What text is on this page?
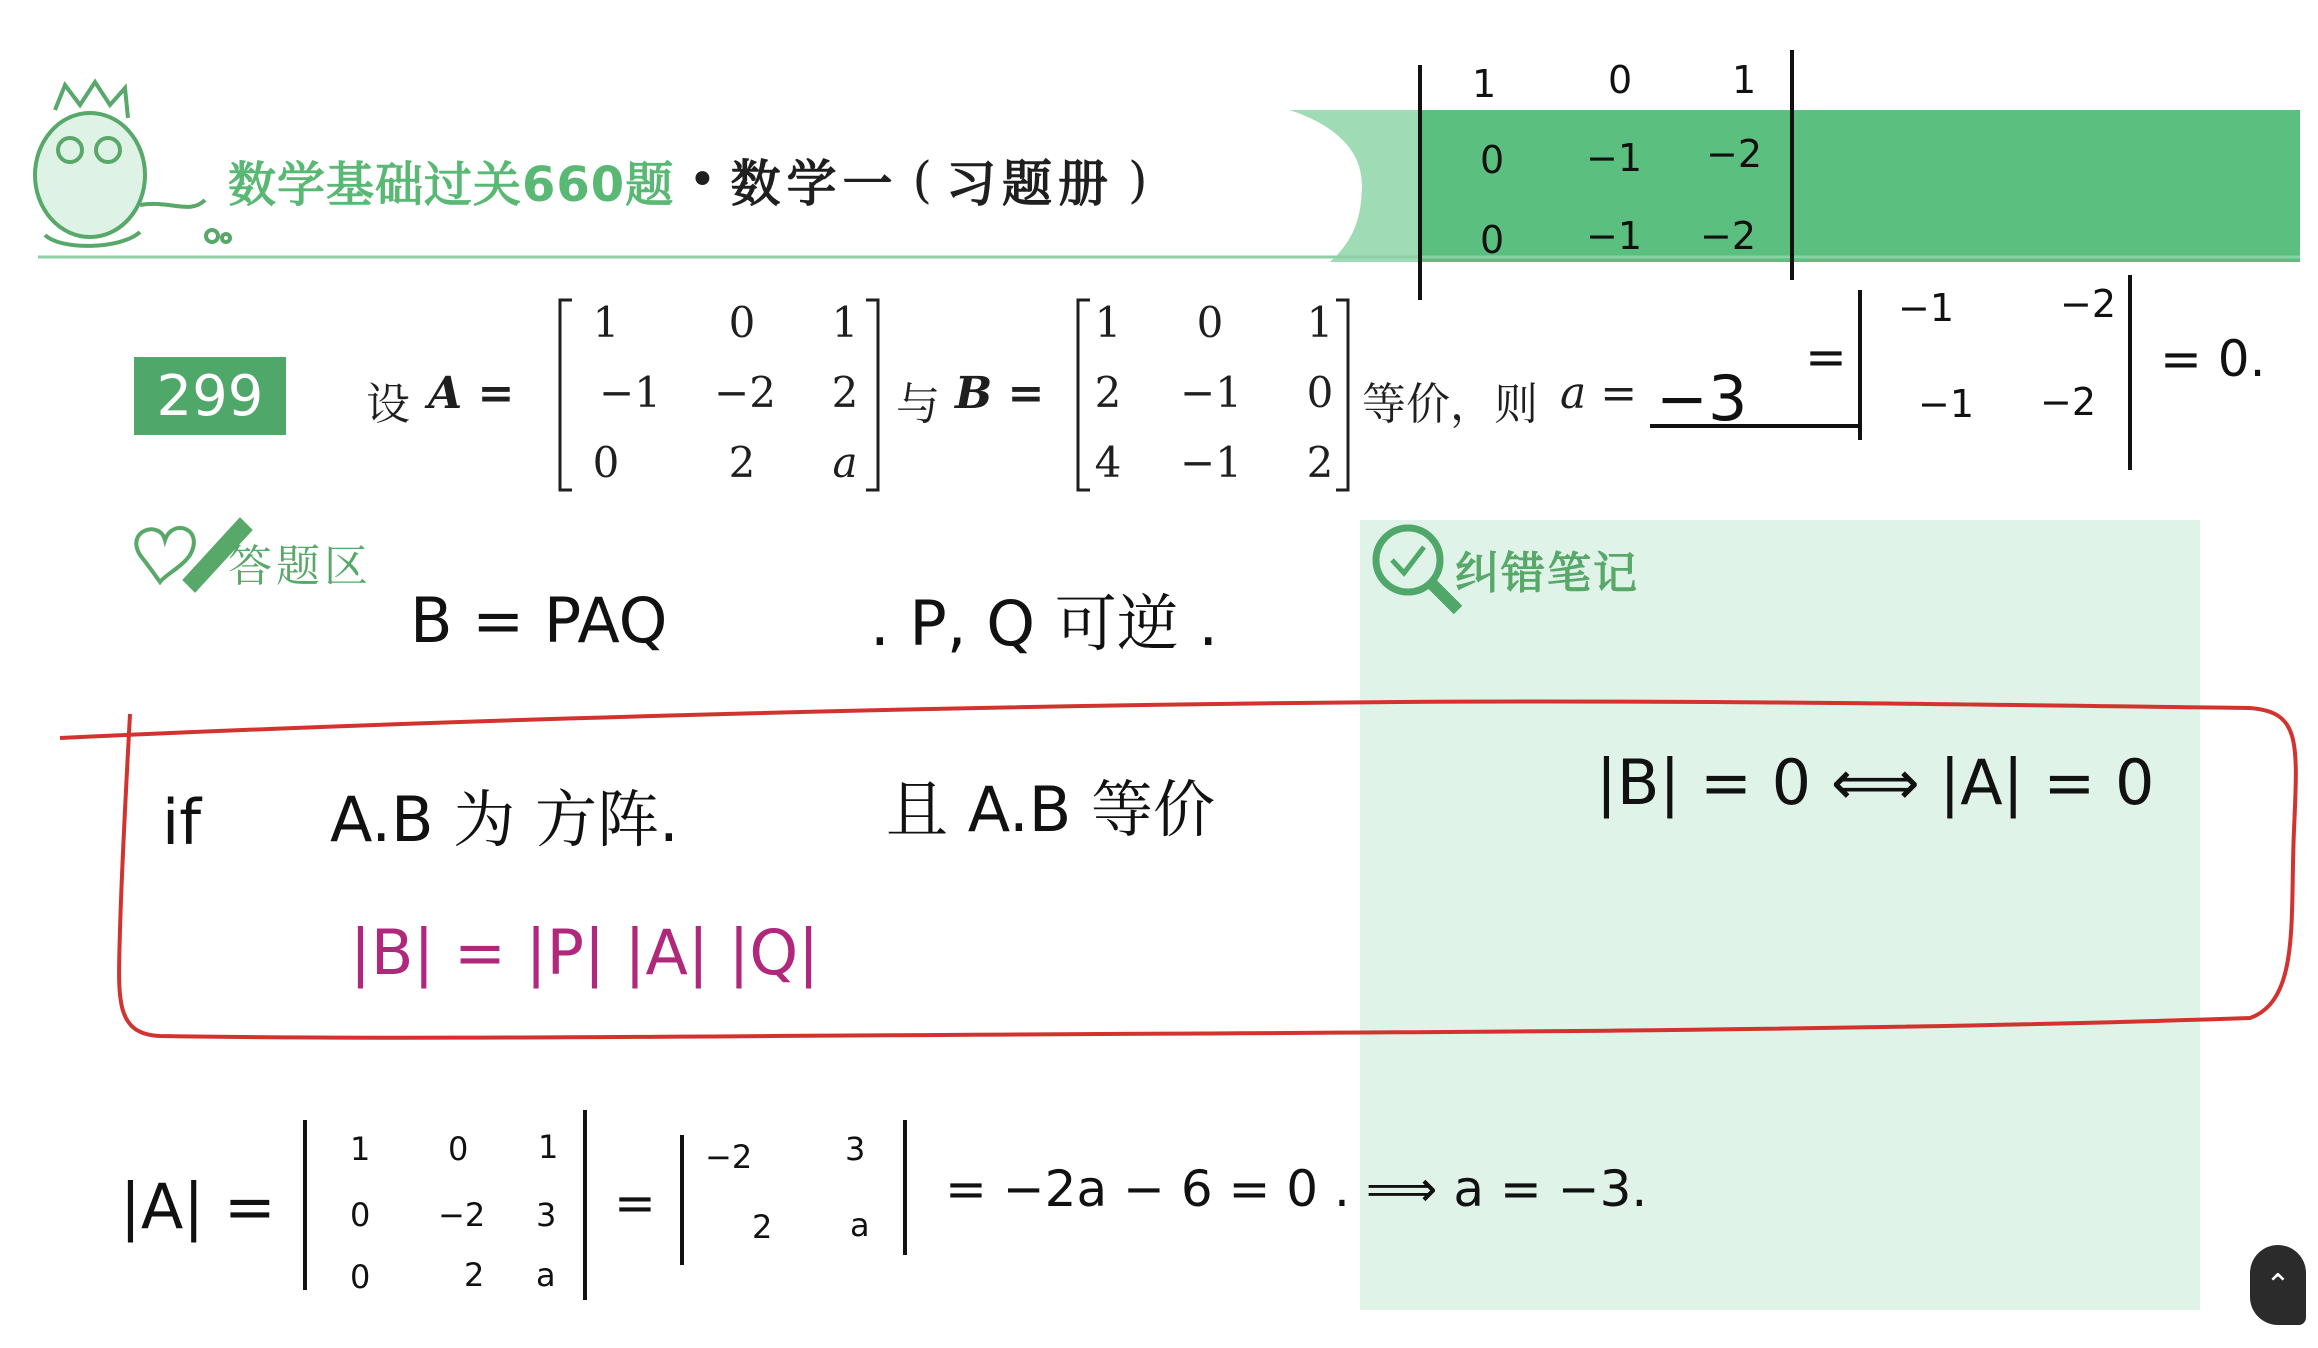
数学基础过关660题 • 数学一 ( 习题册 )
299	设 A =	与 B =	等价，则 a =
1	0	1
−1	−2	2
0	2	a
1	0	1
2	−1	0
4	−1	2
答题区	纠错笔记
=
−3
1	0	1
0 −1 −2
0 −1 −2
−1	−2
−1 −2
= 0.
B = PAQ	. P, Q 可逆 .
if A.B 为 方阵.	且 A.B 等价	|B| = 0 ⟺ |A| = 0
|B| = |P| |A| |Q|
|A| =
1 0 1
0 −2 3
0	2 a
=
−2	3
2 a
= −2a − 6 = 0 . ⟹ a = −3.
⌃
